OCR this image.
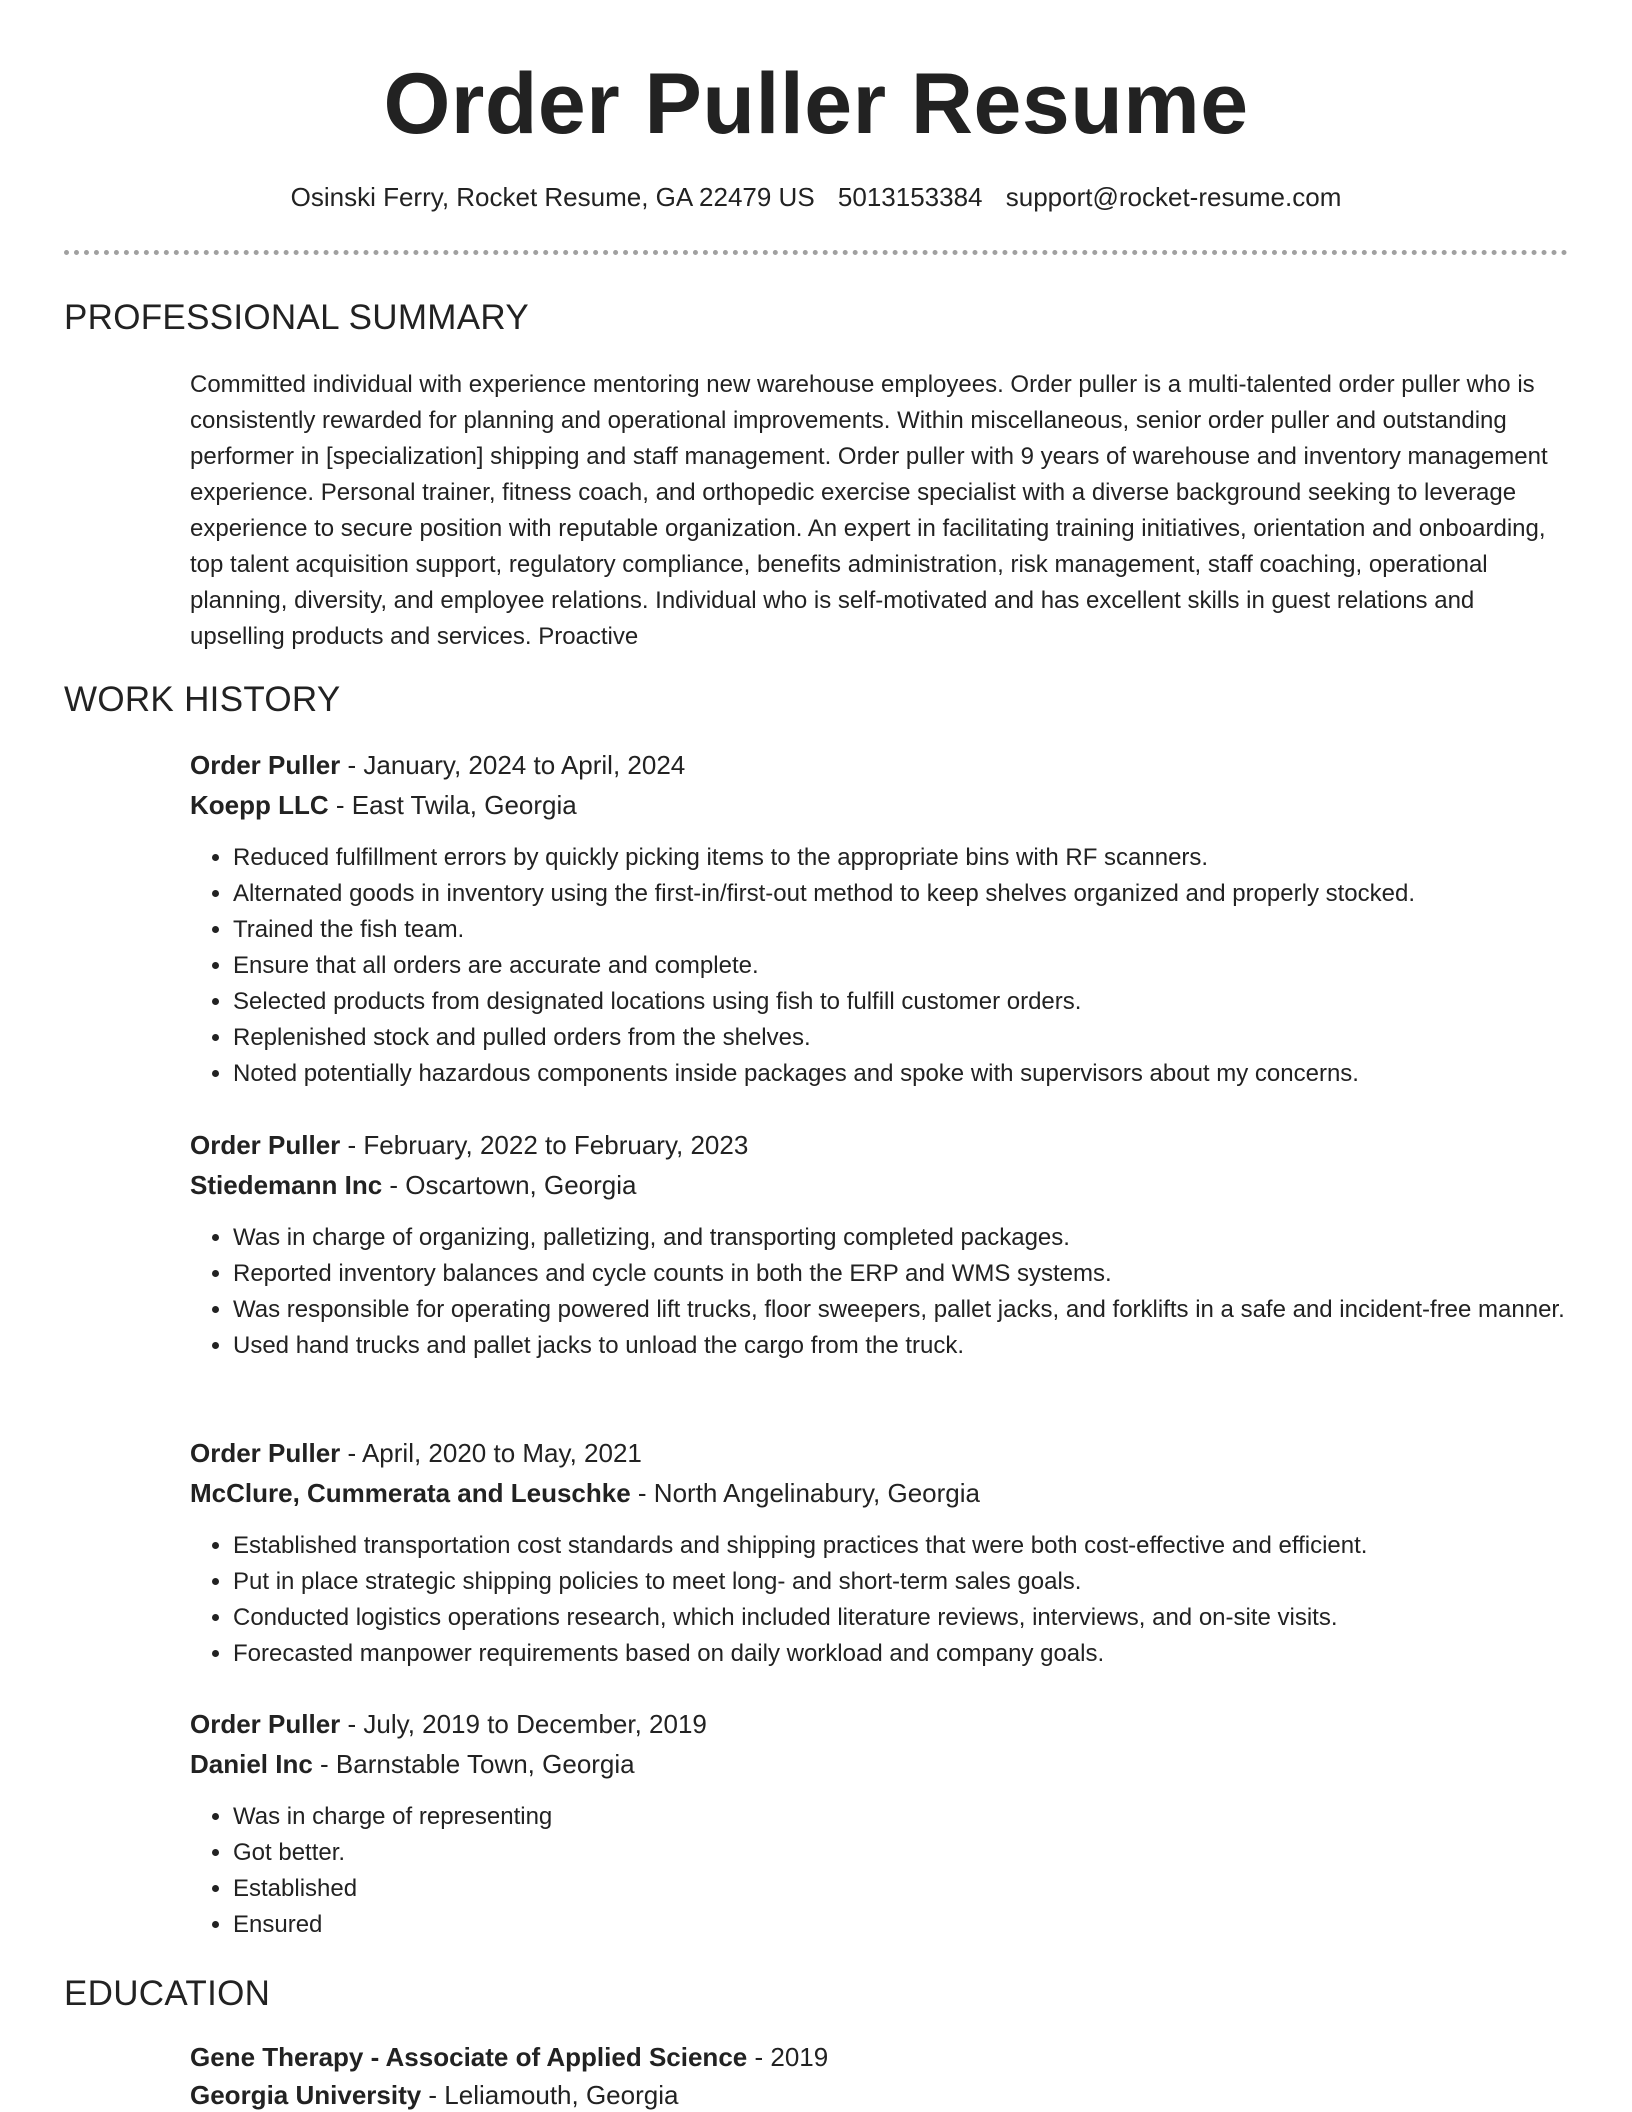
Order Puller Resume
Osinski Ferry, Rocket Resume, GA 22479 US 5013153384 support@rocket-resume.com
PROFESSIONAL SUMMARY

Committed individual with experience mentoring new warehouse employees. Order puller is a multi-talented order puller who is consistently rewarded for planning and operational improvements. Within miscellaneous, senior order puller and outstanding performer in [specialization] shipping and staff management. Order puller with 9 years of warehouse and inventory management experience. Personal trainer, fitness coach, and orthopedic exercise specialist with a diverse background seeking to leverage experience to secure position with reputable organization. An expert in facilitating training initiatives, orientation and onboarding, top talent acquisition support, regulatory compliance, benefits administration, risk management, staff coaching, operational planning, diversity, and employee relations. Individual who is self-motivated and has excellent skills in guest relations and upselling products and services. Proactive

WORK HISTORY
Order Puller - January, 2024 to April, 2024
Koepp LLC - East Twila, Georgia
• Reduced fulfillment errors by quickly picking items to the appropriate bins with RF scanners.
• Alternated goods in inventory using the first-in/first-out method to keep shelves organized and properly stocked.
• Trained the fish team.
• Ensure that all orders are accurate and complete.
• Selected products from designated locations using fish to fulfill customer orders.
• Replenished stock and pulled orders from the shelves.
• Noted potentially hazardous components inside packages and spoke with supervisors about my concerns.
Order Puller - February, 2022 to February, 2023
Stiedemann Inc - Oscartown, Georgia
• Was in charge of organizing, palletizing, and transporting completed packages.
• Reported inventory balances and cycle counts in both the ERP and WMS systems.
• Was responsible for operating powered lift trucks, floor sweepers, pallet jacks, and forklifts in a safe and incident-free manner.
• Used hand trucks and pallet jacks to unload the cargo from the truck.
Order Puller - April, 2020 to May, 2021
McClure, Cummerata and Leuschke - North Angelinabury, Georgia
• Established transportation cost standards and shipping practices that were both cost-effective and efficient.
• Put in place strategic shipping policies to meet long- and short-term sales goals.
• Conducted logistics operations research, which included literature reviews, interviews, and on-site visits.
• Forecasted manpower requirements based on daily workload and company goals.
Order Puller - July, 2019 to December, 2019
Daniel Inc - Barnstable Town, Georgia
• Was in charge of representing
• Got better.
• Established
• Ensured
EDUCATION
Gene Therapy - Associate of Applied Science - 2019
Georgia University - Leliamouth, Georgia
